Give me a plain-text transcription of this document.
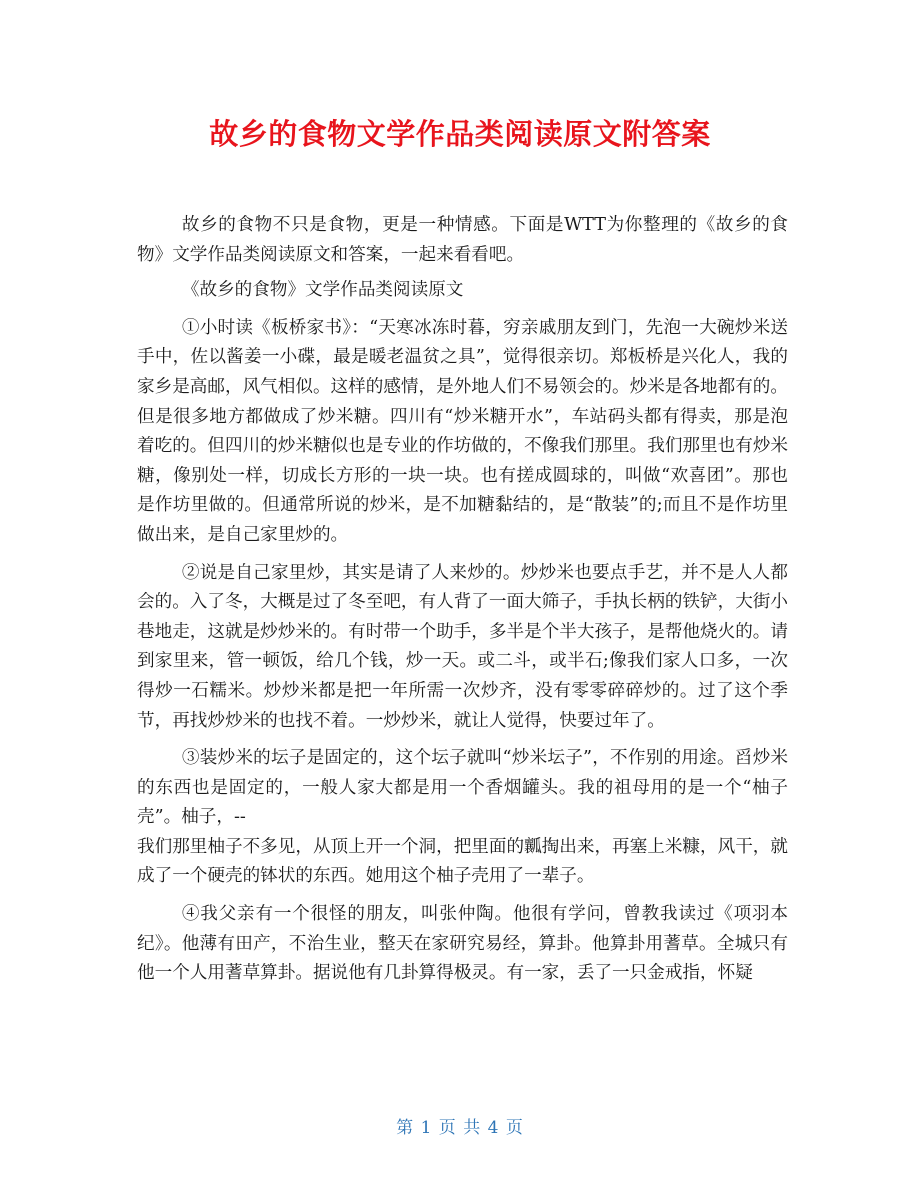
故乡的食物文学作品类阅读原文附答案

故乡的食物不只是食物，更是一种情感。下面是WTT为你整理的《故乡的食物》文学作品类阅读原文和答案，一起来看看吧。

《故乡的食物》文学作品类阅读原文

①小时读《板桥家书》：“天寒冰冻时暮，穷亲戚朋友到门，先泡一大碗炒米送手中，佐以酱姜一小碟，最是暖老温贫之具”，觉得很亲切。郑板桥是兴化人，我的家乡是高邮，风气相似。这样的感情，是外地人们不易领会的。炒米是各地都有的。但是很多地方都做成了炒米糖。四川有“炒米糖开水”，车站码头都有得卖，那是泡着吃的。但四川的炒米糖似也是专业的作坊做的，不像我们那里。我们那里也有炒米糖，像别处一样，切成长方形的一块一块。也有搓成圆球的，叫做“欢喜团”。那也是作坊里做的。但通常所说的炒米，是不加糖黏结的，是“散装”的;而且不是作坊里做出来，是自己家里炒的。

②说是自己家里炒，其实是请了人来炒的。炒炒米也要点手艺，并不是人人都会的。入了冬，大概是过了冬至吧，有人背了一面大筛子，手执长柄的铁铲，大街小巷地走，这就是炒炒米的。有时带一个助手，多半是个半大孩子，是帮他烧火的。请到家里来，管一顿饭，给几个钱，炒一天。或二斗，或半石;像我们家人口多，一次得炒一石糯米。炒炒米都是把一年所需一次炒齐，没有零零碎碎炒的。过了这个季节，再找炒炒米的也找不着。一炒炒米，就让人觉得，快要过年了。

③装炒米的坛子是固定的，这个坛子就叫“炒米坛子”，不作别的用途。舀炒米的东西也是固定的，一般人家大都是用一个香烟罐头。我的祖母用的是一个“柚子壳”。柚子，--

我们那里柚子不多见，从顶上开一个洞，把里面的瓤掏出来，再塞上米糠，风干，就成了一个硬壳的钵状的东西。她用这个柚子壳用了一辈子。

④我父亲有一个很怪的朋友，叫张仲陶。他很有学问，曾教我读过《项羽本纪》。他薄有田产，不治生业，整天在家研究易经，算卦。他算卦用蓍草。全城只有他一个人用蓍草算卦。据说他有几卦算得极灵。有一家，丢了一只金戒指，怀疑

第 1 页 共 4 页
